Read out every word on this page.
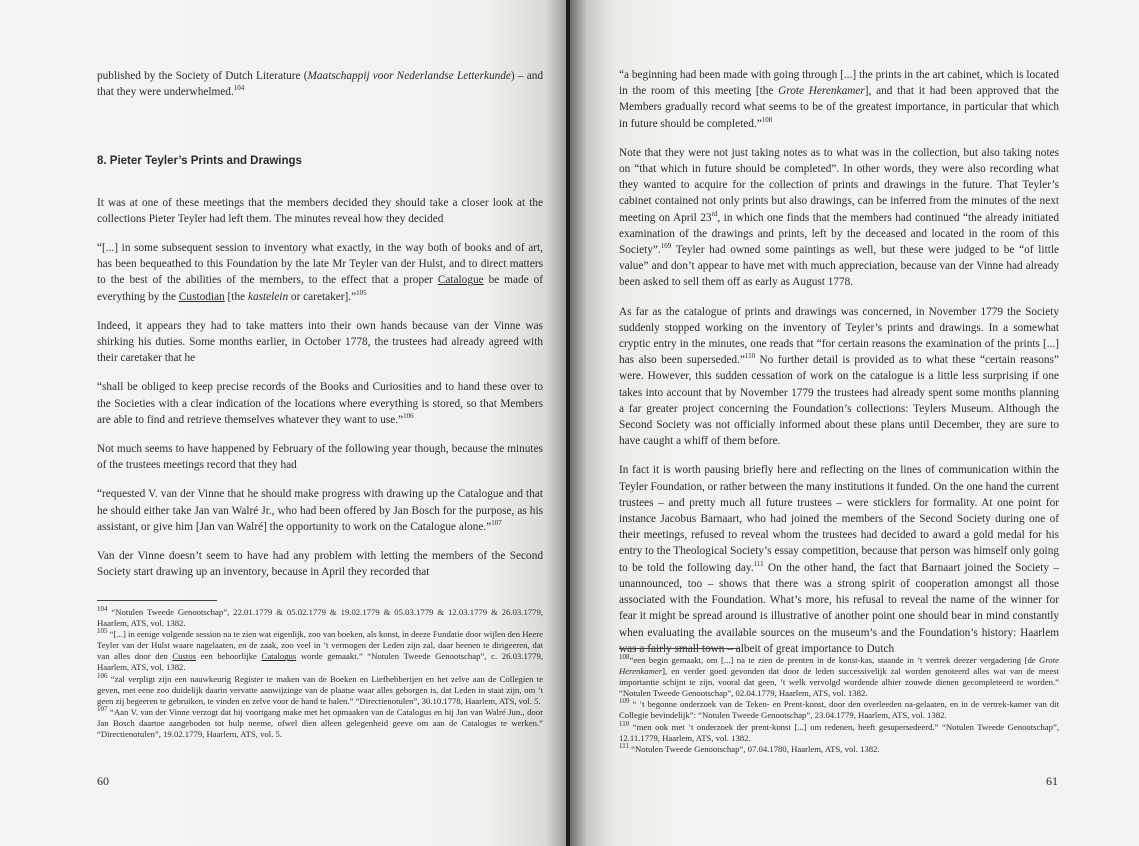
published by the Society of Dutch Literature (Maatschappij voor Nederlandse Letterkunde) – and that they were underwhelmed.$^{104}$

8. Pieter Teyler’s Prints and Drawings

It was at one of these meetings that the members decided they should take a closer look at the collections Pieter Teyler had left them. The minutes reveal how they decided

“[...] in some subsequent session to inventory what exactly, in the way both of books and of art, has been bequeathed to this Foundation by the late Mr Teyler van der Hulst, and to direct matters to the best of the abilities of the members, to the effect that a proper Catalogue be made of everything by the Custodian [the kastelein or caretaker].”$^{105}$

Indeed, it appears they had to take matters into their own hands because van der Vinne was shirking his duties. Some months earlier, in October 1778, the trustees had already agreed with their caretaker that he

“shall be obliged to keep precise records of the Books and Curiosities and to hand these over to the Societies with a clear indication of the locations where everything is stored, so that Members are able to find and retrieve themselves whatever they want to use.”$^{106}$

Not much seems to have happened by February of the following year though, because the minutes of the trustees meetings record that they had

“requested V. van der Vinne that he should make progress with drawing up the Catalogue and that he should either take Jan van Walré Jr., who had been offered by Jan Bosch for the purpose, as his assistant, or give him [Jan van Walré] the opportunity to work on the Catalogue alone.”$^{107}$

Van der Vinne doesn’t seem to have had any problem with letting the members of the Second Society start drawing up an inventory, because in April they recorded that

$^{104}$ “Notulen Tweede Genootschap”, 22.01.1779 & 05.02.1779 & 19.02.1779 & 05.03.1779 & 12.03.1779 & 26.03.1779, Haarlem, ATS, vol. 1382.
$^{105}$ “[...] in eenige volgende session na te zien wat eigenlijk, zoo van boeken, als konst, in deeze Fundatie door wijlen den Heere Teyler van der Hulst waare nagelaaten, en de zaak, zoo veel in ’t vermogen der Leden zijn zal, daar heenen te dirigeeren, dat van alles door den Custos een behoorlijke Catalogus worde gemaakt.” “Notulen Tweede Genootschap”, c. 26.03.1779, Haarlem, ATS, vol. 1382.
$^{106}$ “zal verpligt zijn een nauwkeurig Register te maken van de Boeken en Liefhebberijen en het zelve aan de Collegien te geven, met eene zoo duidelijk daarin vervatte aanwijzinge van de plaatse waar alles geborgen is, dat Leden in staat zijn, om ’t geen zij begeeren te gebruiken, te vinden en zelve voor de hand te halen.” “Directienotulen”, 30.10.1778, Haarlem, ATS, vol. 5.
$^{107}$ “Aan V. van der Vinne verzogt dat hij voortgang make met het opmaaken van de Catalogus en hij Jan van Walré Jun., door Jan Bosch daartoe aangeboden tot hulp neeme, ofwel dien alleen gelegenheid geeve om aan de Catalogus te werken.” “Directienotulen”, 19.02.1779, Haarlem, ATS, vol. 5.
60

“a beginning had been made with going through [...] the prints in the art cabinet, which is located in the room of this meeting [the Grote Herenkamer], and that it had been approved that the Members gradually record what seems to be of the greatest importance, in particular that which in future should be completed.”$^{108}$

Note that they were not just taking notes as to what was in the collection, but also taking notes on “that which in future should be completed”. In other words, they were also recording what they wanted to acquire for the collection of prints and drawings in the future. That Teyler’s cabinet contained not only prints but also drawings, can be inferred from the minutes of the next meeting on April 23rd, in which one finds that the members had continued “the already initiated examination of the drawings and prints, left by the deceased and located in the room of this Society”.$^{109}$ Teyler had owned some paintings as well, but these were judged to be “of little value” and don’t appear to have met with much appreciation, because van der Vinne had already been asked to sell them off as early as August 1778.

As far as the catalogue of prints and drawings was concerned, in November 1779 the Society suddenly stopped working on the inventory of Teyler’s prints and drawings. In a somewhat cryptic entry in the minutes, one reads that “for certain reasons the examination of the prints [...] has also been superseded.”$^{110}$ No further detail is provided as to what these “certain reasons” were. However, this sudden cessation of work on the catalogue is a little less surprising if one takes into account that by November 1779 the trustees had already spent some months planning a far greater project concerning the Foundation’s collections: Teylers Museum. Although the Second Society was not officially informed about these plans until December, they are sure to have caught a whiff of them before.

In fact it is worth pausing briefly here and reflecting on the lines of communication within the Teyler Foundation, or rather between the many institutions it funded. On the one hand the current trustees – and pretty much all future trustees – were sticklers for formality. At one point for instance Jacobus Barnaart, who had joined the members of the Second Society during one of their meetings, refused to reveal whom the trustees had decided to award a gold medal for his entry to the Theological Society’s essay competition, because that person was himself only going to be told the following day.$^{111}$ On the other hand, the fact that Barnaart joined the Society – unannounced, too – shows that there was a strong spirit of cooperation amongst all those associated with the Foundation. What’s more, his refusal to reveal the name of the winner for fear it might be spread around is illustrative of another point one should bear in mind constantly when evaluating the available sources on the museum’s and the Foundation’s history: Haarlem was a fairly small town – albeit of great importance to Dutch

$^{108}$“een begin gemaakt, om [...] na te zien de prenten in de konst-kas, staande in ’t vertrek deezer vergadering [de Grote Herenkamer], en verder goed gevonden dat door de leden successivelijk zal worden genoteerd alles wat van de meest importantie schijnt te zijn, vooral dat geen, ’t welk vervolgd wordende alhier zouwde dienen gecompleteerd te worden.” “Notulen Tweede Genootschap”, 02.04.1779, Haarlem, ATS, vol. 1382.
$^{109}$ “ ’t begonne onderzoek van de Teken- en Prent-konst, door den overleeden na-gelaaten, en in de vertrek-kamer van dit Collegie bevindelijk”: “Notulen Tweede Genootschap”, 23.04.1779, Haarlem, ATS, vol. 1382.
$^{110}$ “men ook met ’t onderzoek der prent-konst [...] om redenen, heeft gesupersedeerd.” “Notulen Tweede Genootschap”, 12.11.1779, Haarlem, ATS, vol. 1382.
$^{111}$ “Notulen Tweede Genootschap”, 07.04.1780, Haarlem, ATS, vol. 1382.
61
